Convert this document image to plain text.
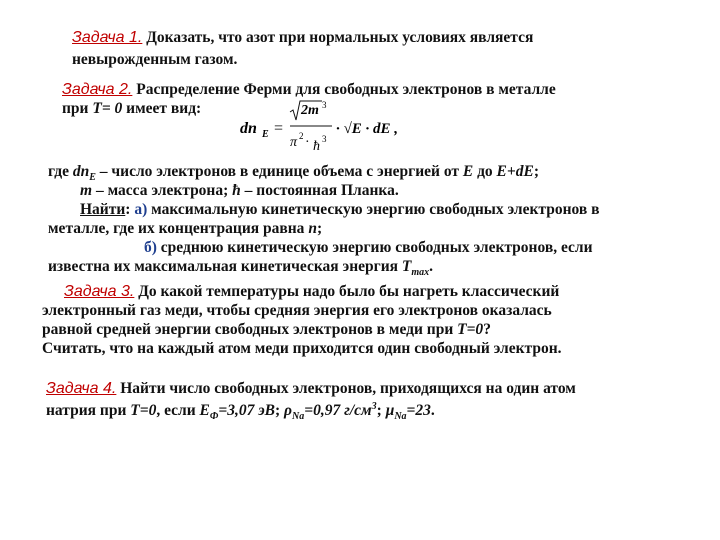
Задача 1. Доказать, что азот при нормальных условиях является
невырожденным газом.
Задача 2. Распределение Ферми для свободных электронов в металле
при T= 0 имеет вид:
dn E =
2m 3
π 2 · ħ 3
· √E · dE ,
где $dn_E$ – число электронов в единице объема с энергией от E до E+dE;
m – масса электрона; ħ – постоянная Планка.
Найти: а) максимальную кинетическую энергию свободных электронов в
металле, где их концентрация равна n;
б) среднюю кинетическую энергию свободных электронов, если
известна их максимальная кинетическая энергия $T_{max}$.
Задача 3. До какой температуры надо было бы нагреть классический
электронный газ меди, чтобы средняя энергия его электронов оказалась
равной средней энергии свободных электронов в меди при T=0?
Считать, что на каждый атом меди приходится один свободный электрон.
Задача 4. Найти число свободных электронов, приходящихся на один атом
натрия при T=0, если $E_Ф=3,07$ эВ; $\rho_{Na}=0,97$ $г/см^3$; $\mu_{Na}=23$.
